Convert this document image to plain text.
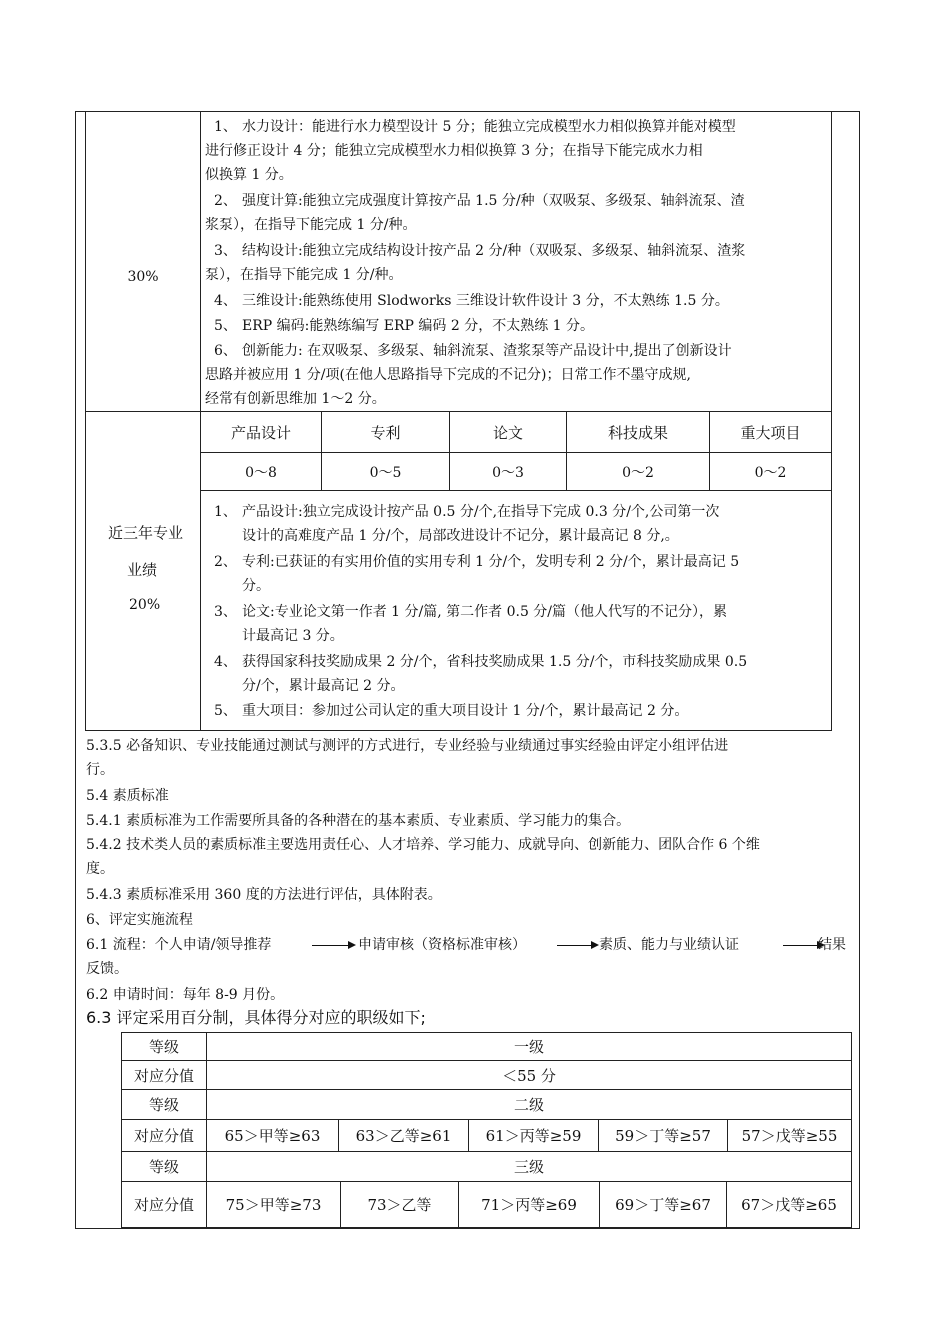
30%
1、 水力设计：能进行水力模型设计 5 分；能独立完成模型水力相似换算并能对模型
进行修正设计 4 分；能独立完成模型水力相似换算 3 分；在指导下能完成水力相
似换算 1 分。
2、 强度计算:能独立完成强度计算按产品 1.5 分/种（双吸泵、多级泵、轴斜流泵、渣
浆泵），在指导下能完成 1 分/种。
3、 结构设计:能独立完成结构设计按产品 2 分/种（双吸泵、多级泵、轴斜流泵、渣浆
泵），在指导下能完成 1 分/种。
4、 三维设计:能熟练使用 Slodworks 三维设计软件设计 3 分，不太熟练 1.5 分。
5、 ERP 编码:能熟练编写 ERP 编码 2 分，不太熟练 1 分。
6、 创新能力: 在双吸泵、多级泵、轴斜流泵、渣浆泵等产品设计中,提出了创新设计
思路并被应用 1 分/项(在他人思路指导下完成的不记分)；日常工作不墨守成规,
经常有创新思维加 1～2 分。
近三年专业
业绩
20%
产品设计	专利	论文	科技成果	重大项目
0～8	0～5	0～3	0～2	0～2
1、 产品设计:独立完成设计按产品 0.5 分/个,在指导下完成 0.3 分/个,公司第一次
设计的高难度产品 1 分/个，局部改进设计不记分，累计最高记 8 分,。
2、 专利:已获证的有实用价值的实用专利 1 分/个，发明专利 2 分/个，累计最高记 5
分。
3、 论文:专业论文第一作者 1 分/篇, 第二作者 0.5 分/篇（他人代写的不记分），累
计最高记 3 分。
4、 获得国家科技奖励成果 2 分/个，省科技奖励成果 1.5 分/个，市科技奖励成果 0.5
分/个，累计最高记 2 分。
5、 重大项目：参加过公司认定的重大项目设计 1 分/个，累计最高记 2 分。
5.3.5 必备知识、专业技能通过测试与测评的方式进行，专业经验与业绩通过事实经验由评定小组评估进
行。
5.4 素质标准
5.4.1 素质标准为工作需要所具备的各种潜在的基本素质、专业素质、学习能力的集合。
5.4.2 技术类人员的素质标准主要选用责任心、人才培养、学习能力、成就导向、创新能力、团队合作 6 个维
度。
5.4.3 素质标准采用 360 度的方法进行评估，具体附表。
6、评定实施流程
6.1 流程：个人申请/领导推荐	申请审核（资格标准审核）	素质、能力与业绩认证	结果
反馈。
6.2 申请时间：每年 8-9 月份。
6.3 评定采用百分制，具体得分对应的职级如下;
等级	一级
对应分值	＜55 分
等级	二级
对应分值	65＞甲等≥63	63＞乙等≥61	61＞丙等≥59	59＞丁等≥57	57＞戊等≥55
等级	三级
对应分值	75＞甲等≥73	73＞乙等	71＞丙等≥69	69＞丁等≥67	67＞戊等≥65
